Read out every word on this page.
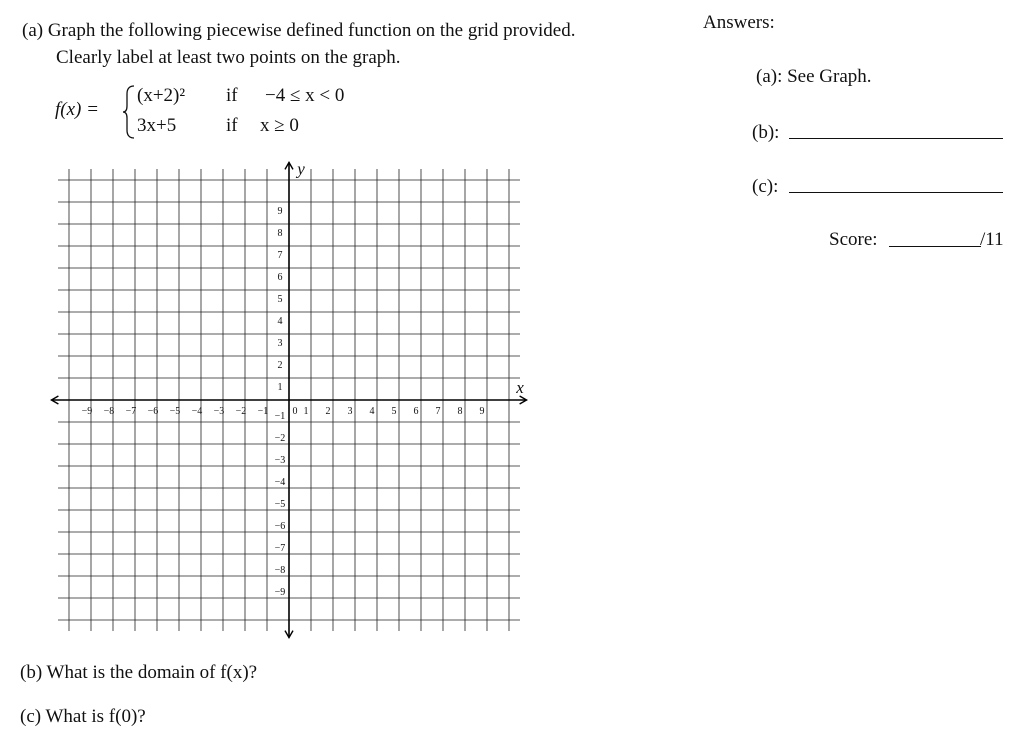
(a) Graph the following piecewise defined function on the grid provided.
Clearly label at least two points on the graph.
f(x) =
(x+2)² if −4 ≤ x < 0
3x+5	if x ≥ 0
Answers:
(a): See Graph.
(b):
(c):
Score:	/11
x
y
−9 −8 −7 −6 −5 −4 −3 −2 −1 0 1 2 3 4 5 6 7 8 9
9
8
7
6
5
4
3
2
1
−1
−2
−3
−4
−5
−6
−7
−8
−9
(b) What is the domain of f(x)?
(c) What is f(0)?
